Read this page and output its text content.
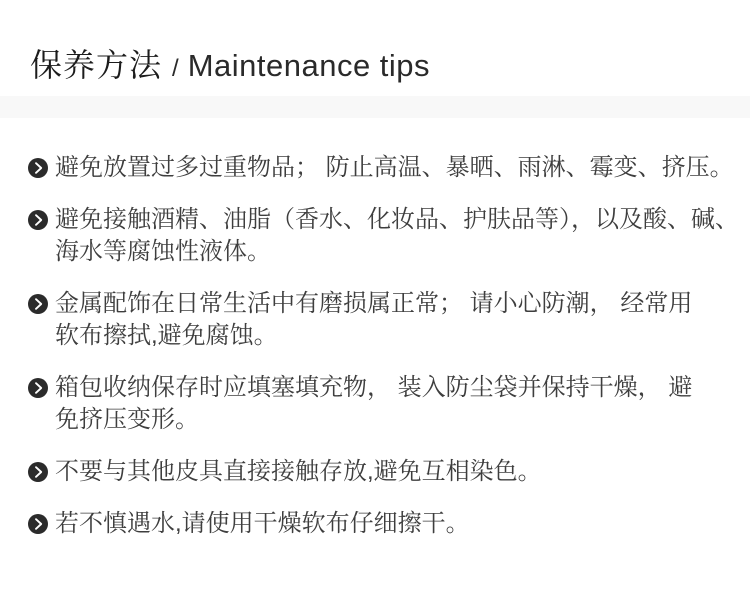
保养方法 / Maintenance tips
避免放置过多过重物品； 防止高温、暴晒、雨淋、霉变、挤压。
避免接触酒精、油脂（香水、化妆品、护肤品等），以及酸、碱、
海水等腐蚀性液体。
金属配饰在日常生活中有磨损属正常； 请小心防潮， 经常用
软布擦拭,避免腐蚀。
箱包收纳保存时应填塞填充物， 装入防尘袋并保持干燥， 避
免挤压变形。
不要与其他皮具直接接触存放,避免互相染色。
若不慎遇水,请使用干燥软布仔细擦干。
